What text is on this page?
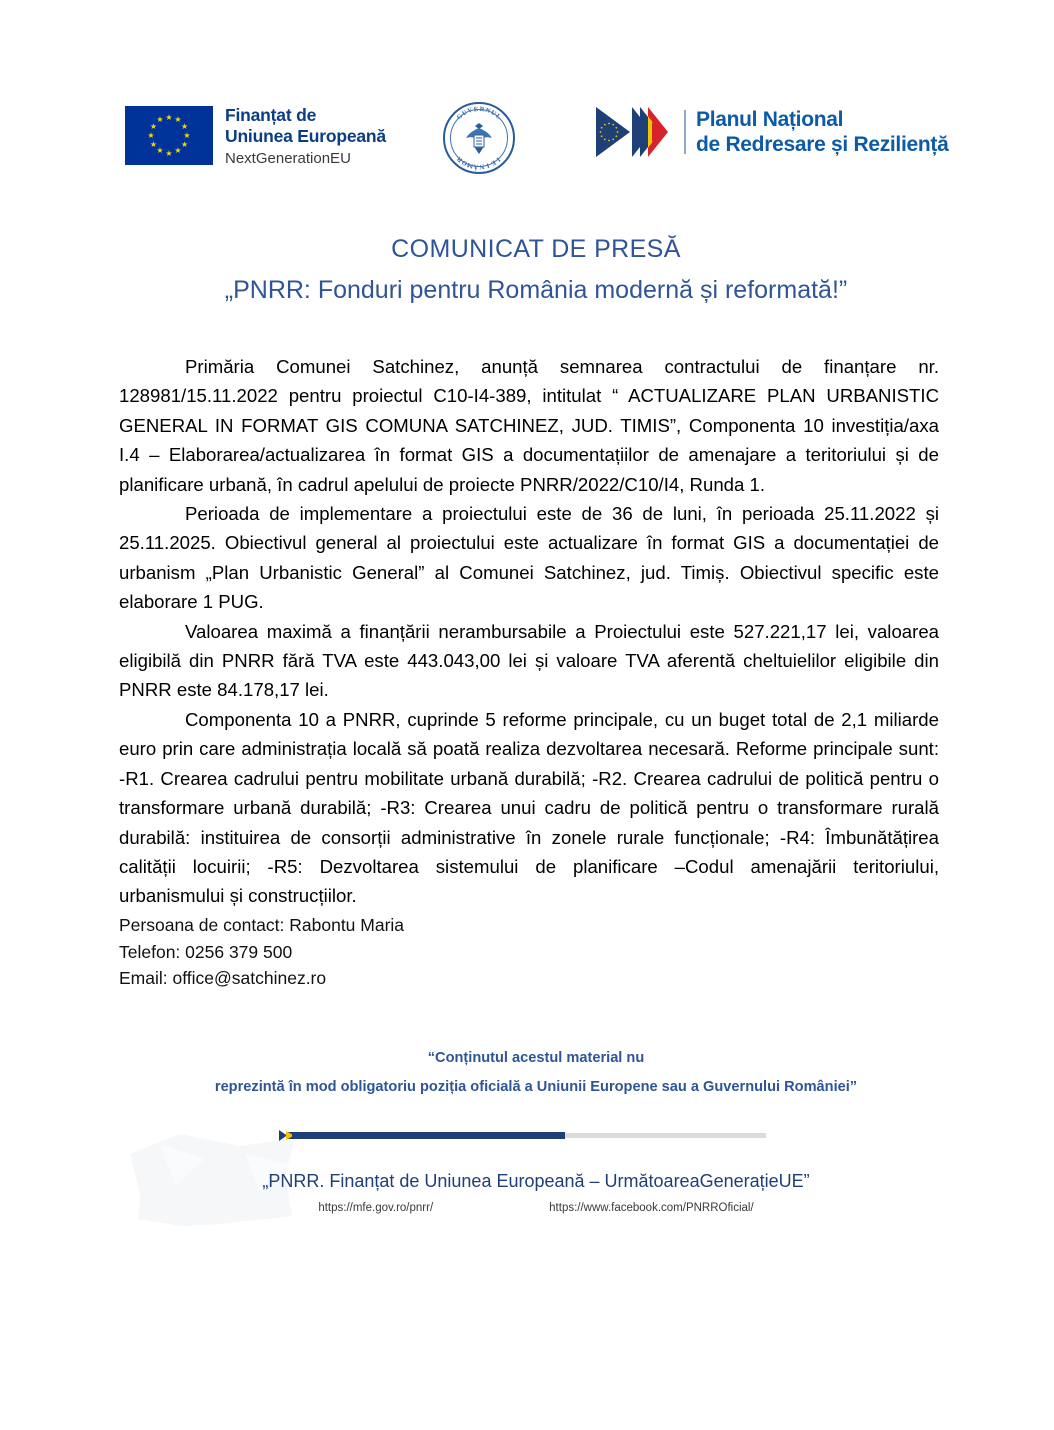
★ ★
★
★
★
★
★
★
★
★
★
★	Finanțat de
Uniunea Europeană
NextGenerationEU
G
U
V E R N
U
L
R
O
M Â N I E
I
Planul Național
de Redresare și Reziliență
COMUNICAT DE PRESĂ
„PNRR: Fonduri pentru România modernă și reformată!”

Primăria Comunei Satchinez, anunță semnarea contractului de finanțare nr. 128981/15.11.2022 pentru proiectul C10-I4-389, intitulat “ ACTUALIZARE PLAN URBANISTIC GENERAL IN FORMAT GIS COMUNA SATCHINEZ, JUD. TIMIS”, Componenta 10 investiția/axa I.4 – Elaborarea/actualizarea în format GIS a documentațiilor de amenajare a teritoriului și de planificare urbană, în cadrul apelului de proiecte PNRR/2022/C10/I4, Runda 1.

Perioada de implementare a proiectului este de 36 de luni, în perioada 25.11.2022 și 25.11.2025. Obiectivul general al proiectului este actualizare în format GIS a documentației de urbanism „Plan Urbanistic General” al Comunei Satchinez, jud. Timiș. Obiectivul specific este elaborare 1 PUG.

Valoarea maximă a finanțării nerambursabile a Proiectului este 527.221,17 lei, valoarea eligibilă din PNRR fără TVA este 443.043,00 lei și valoare TVA aferentă cheltuielilor eligibile din PNRR este 84.178,17 lei.

Componenta 10 a PNRR, cuprinde 5 reforme principale, cu un buget total de 2,1 miliarde euro prin care administrația locală să poată realiza dezvoltarea necesară. Reforme principale sunt: -R1. Crearea cadrului pentru mobilitate urbană durabilă; -R2. Crearea cadrului de politică pentru o transformare urbană durabilă; -R3: Crearea unui cadru de politică pentru o transformare rurală durabilă: instituirea de consorții administrative în zonele rurale funcționale; -R4: Îmbunătățirea calității locuirii; -R5: Dezvoltarea sistemului de planificare –Codul amenajării teritoriului, urbanismului și construcțiilor.

Persoana de contact: Rabontu Maria
Telefon: 0256 379 500
Email: office@satchinez.ro
“Conținutul acestul material nu
reprezintă în mod obligatoriu poziția oficială a Uniunii Europene sau a Guvernului României”
„PNRR. Finanțat de Uniunea Europeană – UrmătoareaGenerațieUE”
https://mfe.gov.ro/pnrr/	https://www.facebook.com/PNRROficial/
